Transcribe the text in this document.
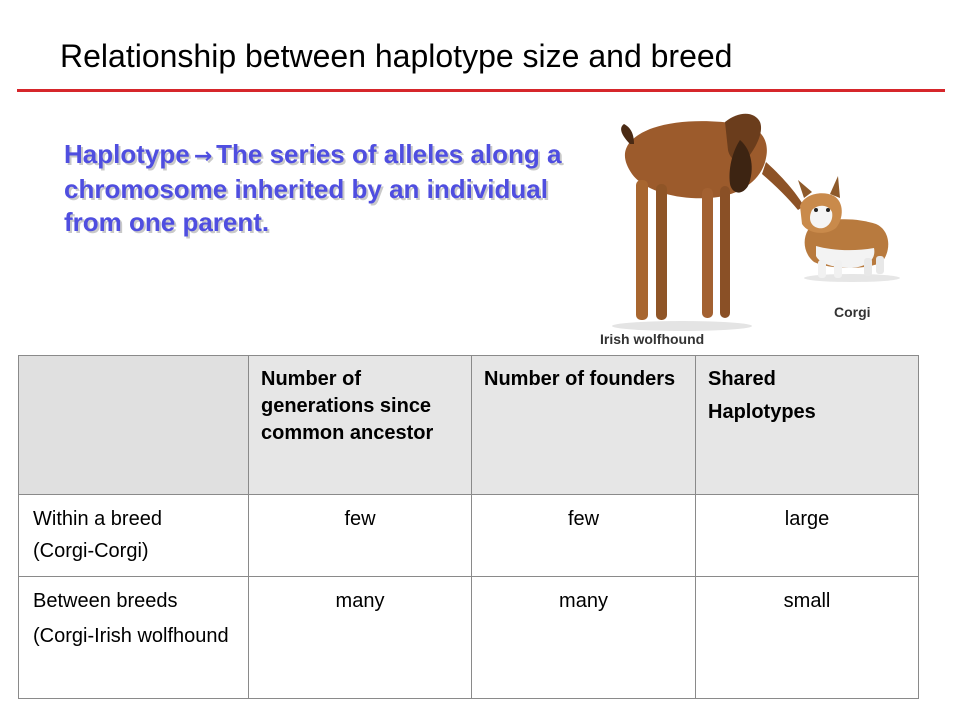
Relationship between haplotype size and breed
Haplotype → The series of alleles along a chromosome inherited by an individual from one parent.
Corgi
Irish wolfhound
	Number of generations since common ancestor	Number of founders	Shared
Haplotypes

Within a breed
(Corgi-Corgi)	few	few	large

Between breeds
(Corgi-Irish wolfhound	many	many	small
